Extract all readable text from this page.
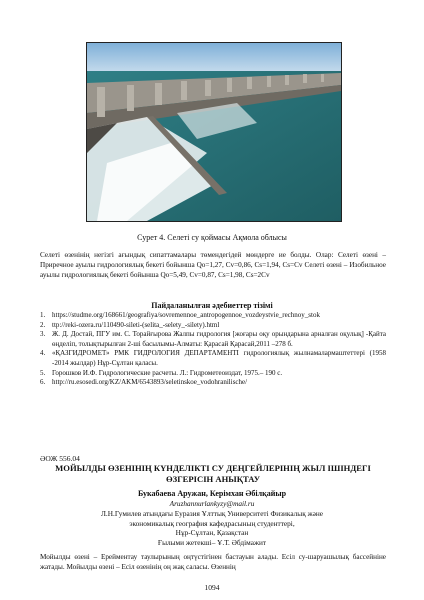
Сурет 4. Селеті су қоймасы Ақмола облысы

Селеті өзенінің негізгі ағындық сипаттамалары төмендегідей мөндерге ие болды. Олар: Селеті өзені – Приречное ауылы гидрологиялық бекеті бойынша Qo=1,27, Cv=0,86, Cs=1,94, Cs=Cv Селеті өзені – Изобильное ауылы гидрологиялық бекеті бойынша Qo=5,49, Cv=0,87, Cs=1,98, Cs=2Cv

Пайдаланылған әдебиеттер тізімі
1. https://studme.org/168661/geografiya/sovremennoe_antropogennoe_vozdeystvie_rechnoy_stok
2. ttp://reki-ozera.ru/110490-sileti-(selita_-selety_-silety).html
3. Ж. Д. Достай, ПГУ им. С. Торайғырова Жалпы гидрология [жоғары оқу орындарына арналған оқулық] -Қайта өңделіп, толықтырылған 2-ші басылымы-Алматы: Қарасай Қарасай,2011 –278 б.
4. «ҚАЗГИДРОМЕТ» РМК ГИДРОЛОГИЯ ДЕПАРТАМЕНТІ гидрологиялық жылнамалармаштеттері (1958 -2014 жылдар) Нұр-Сұлтан қаласы.
5. Горошков И.Ф. Гидрологические расчеты. Л.: Гидрометеоиздат, 1975.– 190 с.
6. http://ru.esosedi.org/KZ/AKM/6543893/seletinskoe_vodohranilische/
ӘОЖ 556.04
МОЙЫЛДЫ ӨЗЕНІНІҢ КҮНДЕЛІКТІ СУ ДЕҢГЕЙЛЕРІНІҢ ЖЫЛ ІШІНДЕГІ ӨЗГЕРІСІН АНЫҚТАУ
Букабаева Аружан, Керімхан Әбілқайыр
Aruzhannurlankyzy@mail.ru
Л.Н.Гумилев атындағы Еуразия Ұлттық Университеті Физикалық және
экономикалық география кафедрасының студенттері,
Нұр-Сұлтан, Қазақстан
Ғылыми жетекші– Ұ.Т. Әбдімажит

Мойылды өзені – Ерейментау таулырының оңтүстігінен бастауын алады. Есіл су-шаруашылық бассейніне жатады. Мойылды өзені – Есіл өзенінің оң жақ саласы. Өзеннің

1094
